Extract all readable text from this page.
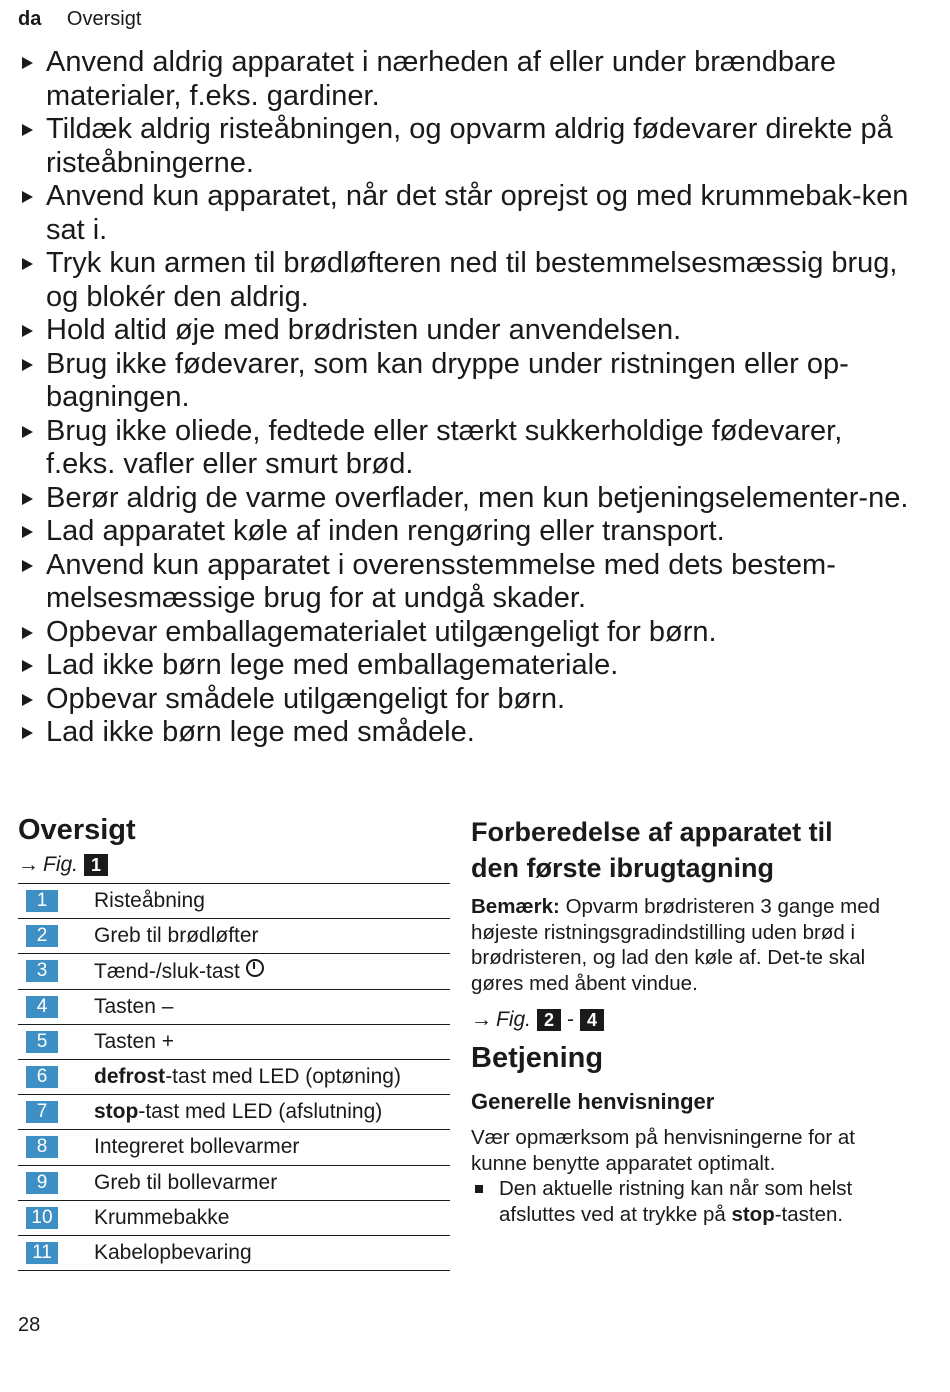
da Oversigt
Anvend aldrig apparatet i nærheden af eller under brændbare materialer, f.eks. gardiner.
Tildæk aldrig risteåbningen, og opvarm aldrig fødevarer direkte på risteåbningerne.
Anvend kun apparatet, når det står oprejst og med krummebak-ken sat i.
Tryk kun armen til brødløfteren ned til bestemmelsesmæssig brug, og blokér den aldrig.
Hold altid øje med brødristen under anvendelsen.
Brug ikke fødevarer, som kan dryppe under ristningen eller op-bagningen.
Brug ikke oliede, fedtede eller stærkt sukkerholdige fødevarer, f.eks. vafler eller smurt brød.
Berør aldrig de varme overflader, men kun betjeningselementer-ne.
Lad apparatet køle af inden rengøring eller transport.
Anvend kun apparatet i overensstemmelse med dets bestem-melsesmæssige brug for at undgå skader.
Opbevar emballagematerialet utilgængeligt for børn.
Lad ikke børn lege med emballagemateriale.
Opbevar smådele utilgængeligt for børn.
Lad ikke børn lege med smådele.
Oversigt
→ Fig. 1
1	Risteåbning
2	Greb til brødløfter
3	Tænd-/sluk-tast
4	Tasten –
5	Tasten +
6	defrost-tast med LED (optøning)
7	stop-tast med LED (afslutning)
8	Integreret bollevarmer
9	Greb til bollevarmer
10 Krummebakke
11 Kabelopbevaring
Forberedelse af apparatet til
den første ibrugtagning
Bemærk: Opvarm brødristeren 3 gange med højeste ristningsgradindstilling uden brød i brødristeren, og lad den køle af. Det-te skal gøres med åbent vindue.
→ Fig. 2 - 4
Betjening
Generelle henvisninger
Vær opmærksom på henvisningerne for at kunne benytte apparatet optimalt.
Den aktuelle ristning kan når som helst afsluttes ved at trykke på stop-tasten.
28
